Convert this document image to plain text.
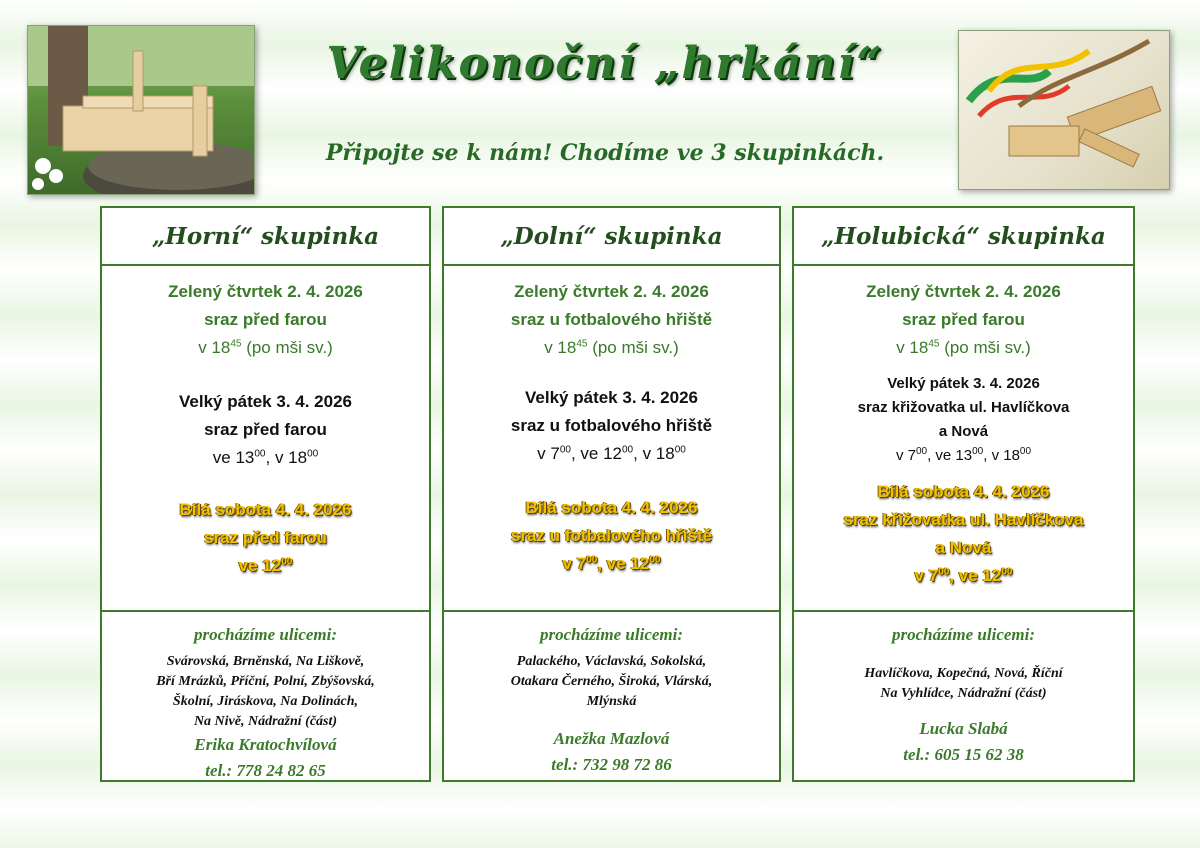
Velikonoční „hrkání“
Připojte se k nám! Chodíme ve 3 skupinkách.
„Horní“ skupinka
Zelený čtvrtek 2. 4. 2026
sraz před farou
v $18^{45}$ (po mši sv.)
Velký pátek 3. 4. 2026
sraz před farou
ve $13^{00}$, v $18^{00}$
Bílá sobota 4. 4. 2026
sraz před farou
ve $12^{00}$
procházíme ulicemi:
Svárovská, Brněnská, Na Liškově,
Bří Mrázků, Příční, Polní, Zbýšovská,
Školní, Jiráskova, Na Dolinách,
Na Nivě, Nádražní (část)
Erika Kratochvílová
tel.: 778 24 82 65
„Dolní“ skupinka
Zelený čtvrtek 2. 4. 2026
sraz u fotbalového hřiště
v $18^{45}$ (po mši sv.)
Velký pátek 3. 4. 2026
sraz u fotbalového hřiště
v $7^{00}$, ve $12^{00}$, v $18^{00}$
Bílá sobota 4. 4. 2026
sraz u fotbalového hřiště
v $7^{00}$, ve $12^{00}$
procházíme ulicemi:
Palackého, Václavská, Sokolská,
Otakara Černého, Široká, Vlárská,
Mlýnská
Anežka Mazlová
tel.: 732 98 72 86
„Holubická“ skupinka
Zelený čtvrtek 2. 4. 2026
sraz před farou
v $18^{45}$ (po mši sv.)
Velký pátek 3. 4. 2026
sraz křižovatka ul. Havlíčkova
a Nová
v $7^{00}$, ve $13^{00}$, v $18^{00}$
Bílá sobota 4. 4. 2026
sraz křižovatka ul. Havlíčkova
a Nová
v $7^{00}$, ve $12^{00}$
procházíme ulicemi:
Havlíčkova, Kopečná, Nová, Říční
Na Vyhlídce, Nádražní (část)
Lucka Slabá
tel.: 605 15 62 38
